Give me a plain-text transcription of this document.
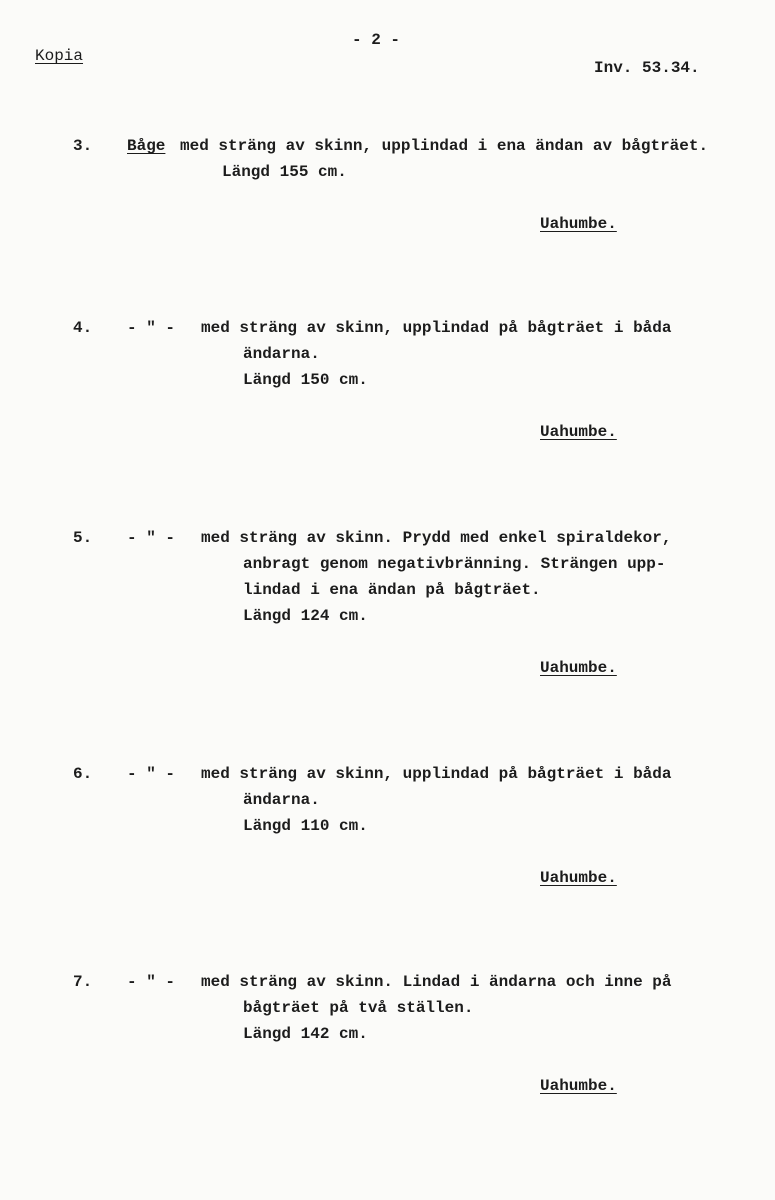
- 2 -
Kopia
Inv. 53.34.
3. Båge med sträng av skinn, upplindad i ena ändan av bågträet.
Längd 155 cm.
Uahumbe.
4. - " - med sträng av skinn, upplindad på bågträet i båda
ändarna.
Längd 150 cm.
Uahumbe.
5. - " - med sträng av skinn. Prydd med enkel spiraldekor,
anbragt genom negativbränning. Strängen upp-
lindad i ena ändan på bågträet.
Längd 124 cm.
Uahumbe.
6. - " - med sträng av skinn, upplindad på bågträet i båda
ändarna.
Längd 110 cm.
Uahumbe.
7. - " - med sträng av skinn. Lindad i ändarna och inne på
bågträet på två ställen.
Längd 142 cm.
Uahumbe.
